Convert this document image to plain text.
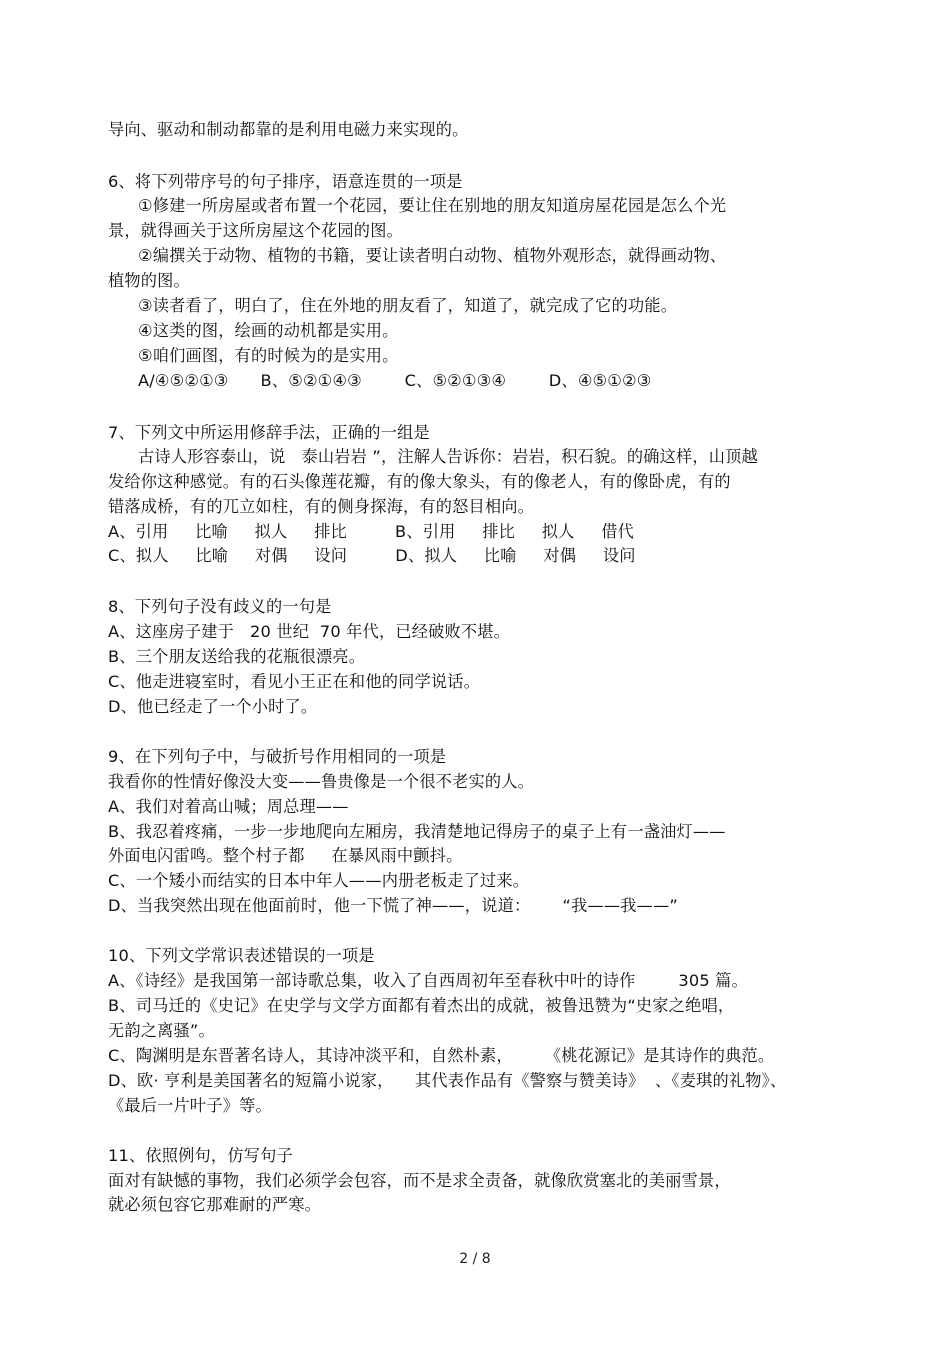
导向、驱动和制动都靠的是利用电磁力来实现的。
6、将下列带序号的句子排序，语意连贯的一项是
①修建一所房屋或者布置一个花园，要让住在别地的朋友知道房屋花园是怎么个光
景，就得画关于这所房屋这个花园的图。
②编撰关于动物、植物的书籍，要让读者明白动物、植物外观形态，就得画动物、
植物的图。
③读者看了，明白了，住在外地的朋友看了，知道了，就完成了它的功能。
④这类的图，绘画的动机都是实用。
⑤咱们画图，有的时候为的是实用。
A/④⑤②①③      B、⑤②①④③        C、⑤②①③④        D、④⑤①②③
7、下列文中所运用修辞手法，正确的一组是
古诗人形容泰山，说   泰山岩岩 ”，注解人告诉你：岩岩，积石貌。的确这样，山顶越
发给你这种感觉。有的石头像莲花瓣，有的像大象头，有的像老人，有的像卧虎，有的
错落成桥，有的兀立如柱，有的侧身探海，有的怒目相向。
A、引用     比喻     拟人     排比         B、引用     排比     拟人     借代
C、拟人     比喻     对偶     设问         D、拟人     比喻     对偶     设问
8、下列句子没有歧义的一句是
A、这座房子建于   20 世纪  70 年代，已经破败不堪。
B、三个朋友送给我的花瓶很漂亮。
C、他走进寝室时，看见小王正在和他的同学说话。
D、他已经走了一个小时了。
9、在下列句子中，与破折号作用相同的一项是
我看你的性情好像没大变——鲁贵像是一个很不老实的人。
A、我们对着高山喊；周总理——
B、我忍着疼痛，一步一步地爬向左厢房，我清楚地记得房子的桌子上有一盏油灯——
外面电闪雷鸣。整个村子都     在暴风雨中颤抖。
C、一个矮小而结实的日本中年人——内册老板走了过来。
D、当我突然出现在他面前时，他一下慌了神——，说道：      “我——我——”
10、下列文学常识表述错误的一项是
A、《诗经》是我国第一部诗歌总集，收入了自西周初年至春秋中叶的诗作        305 篇。
B、司马迁的《史记》在史学与文学方面都有着杰出的成就，被鲁迅赞为“史家之绝唱，
无韵之离骚”。
C、陶渊明是东晋著名诗人，其诗冲淡平和，自然朴素，      《桃花源记》是其诗作的典范。
D、欧· 亨利是美国著名的短篇小说家，    其代表作品有《警察与赞美诗》  、《麦琪的礼物》、
《最后一片叶子》等。
11、依照例句，仿写句子
面对有缺憾的事物，我们必须学会包容，而不是求全责备，就像欣赏塞北的美丽雪景，
就必须包容它那难耐的严寒。
2 / 8
